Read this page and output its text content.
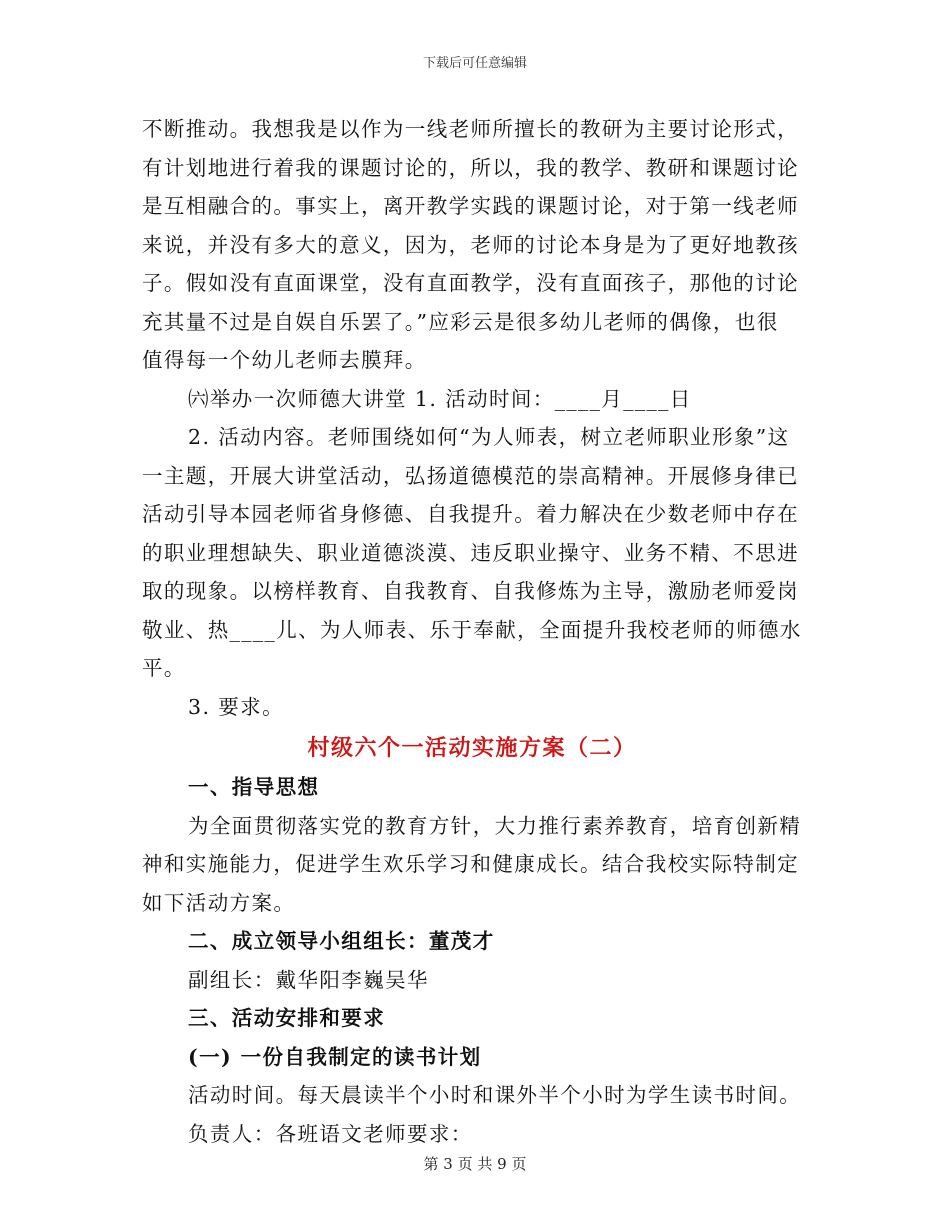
下载后可任意编辑
不断推动。我想我是以作为一线老师所擅长的教研为主要讨论形式，
有计划地进行着我的课题讨论的，所以，我的教学、教研和课题讨论
是互相融合的。事实上，离开教学实践的课题讨论，对于第一线老师
来说，并没有多大的意义，因为，老师的讨论本身是为了更好地教孩
子。假如没有直面课堂，没有直面教学，没有直面孩子，那他的讨论
充其量不过是自娱自乐罢了。”应彩云是很多幼儿老师的偶像，也很
值得每一个幼儿老师去膜拜。
㈥举办一次师德大讲堂 1. 活动时间：____月____日
2. 活动内容。老师围绕如何“为人师表，树立老师职业形象”这
一主题，开展大讲堂活动，弘扬道德模范的崇高精神。开展修身律已
活动引导本园老师省身修德、自我提升。着力解决在少数老师中存在
的职业理想缺失、职业道德淡漠、违反职业操守、业务不精、不思进
取的现象。以榜样教育、自我教育、自我修炼为主导，激励老师爱岗
敬业、热____儿、为人师表、乐于奉献，全面提升我校老师的师德水
平。
3. 要求。
村级六个一活动实施方案（二）
一、指导思想
为全面贯彻落实党的教育方针，大力推行素养教育，培育创新精
神和实施能力，促进学生欢乐学习和健康成长。结合我校实际特制定
如下活动方案。
二、成立领导小组组长：董茂才
副组长：戴华阳李巍吴华
三、活动安排和要求
(一) 一份自我制定的读书计划
活动时间。每天晨读半个小时和课外半个小时为学生读书时间。
负责人：各班语文老师要求：
第 3 页 共 9 页
